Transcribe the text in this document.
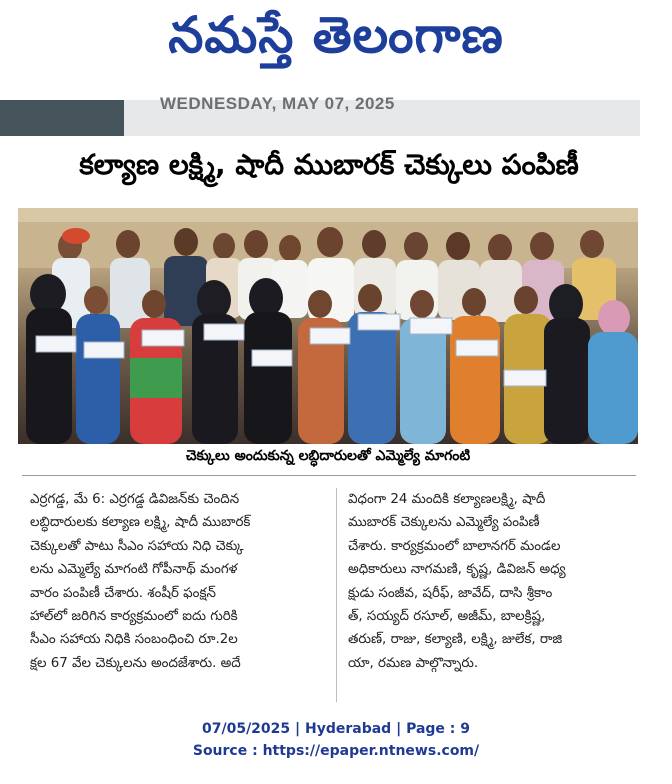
నమస్తే తెలంగాణ
WEDNESDAY, MAY 07, 2025
కల్యాణ లక్ష్మి, షాదీ ముబారక్ చెక్కులు పంపిణీ
చెక్కులు అందుకున్న లబ్ధిదారులతో ఎమ్మెల్యే మాగంటి
ఎర్రగడ్డ, మే 6: ఎర్రగడ్డ డివిజన్‌కు చెందిన
లబ్ధిదారులకు కల్యాణ లక్ష్మి, షాదీ ముబారక్
చెక్కులతో పాటు సీఎం సహాయ నిధి చెక్కు
లను ఎమ్మెల్యే మాగంటి గోపీనాథ్ మంగళ
వారం పంపిణీ చేశారు. శంషీర్ ఫంక్షన్
హాల్‌లో జరిగిన కార్యక్రమంలో ఐదు గురికి
సీఎం సహాయ నిధికి సంబంధించి రూ.2ల
క్షల 67 వేల చెక్కులను అందజేశారు. అదే
విధంగా 24 మందికి కల్యాణలక్ష్మి, షాదీ
ముబారక్ చెక్కులను ఎమ్మెల్యే పంపిణీ
చేశారు. కార్యక్రమంలో బాలానగర్ మండల
అధికారులు నాగమణి, కృష్ణ, డివిజన్ అధ్య
క్షుడు సంజీవ, షరీఫ్, జావేద్, దాసి శ్రీకాం
త్, సయ్యద్ రసూల్, అజీమ్, బాలక్రిష్ణ,
తరుణ్, రాజు, కల్యాణి, లక్ష్మి, జులేక, రాజి
యా, రమణ పాల్గొన్నారు.
07/05/2025 | Hyderabad | Page : 9
Source : https://epaper.ntnews.com/
